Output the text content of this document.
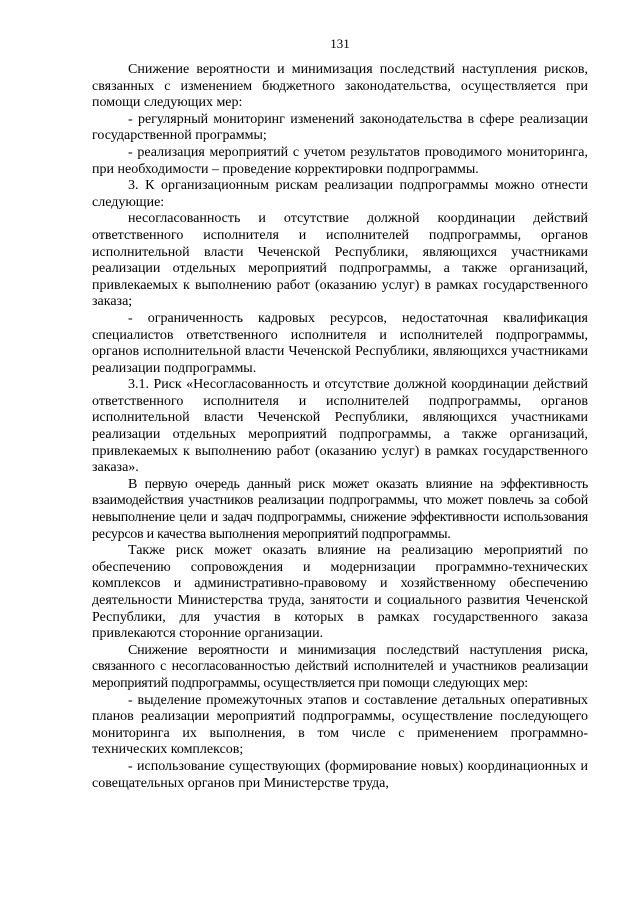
131

Снижение вероятности и минимизация последствий наступления рисков, связанных с изменением бюджетного законодательства, осуществляется при помощи следующих мер:

- регулярный мониторинг изменений законодательства в сфере реализации государственной программы;

- реализация мероприятий с учетом результатов проводимого мониторинга, при необходимости – проведение корректировки подпрограммы.

3. К организационным рискам реализации подпрограммы можно отнести следующие:

несогласованность и отсутствие должной координации действий ответственного исполнителя и исполнителей подпрограммы, органов исполнительной власти Чеченской Республики, являющихся участниками реализации отдельных мероприятий подпрограммы, а также организаций, привлекаемых к выполнению работ (оказанию услуг) в рамках государственного заказа;

- ограниченность кадровых ресурсов, недостаточная квалификация специалистов ответственного исполнителя и исполнителей подпрограммы, органов исполнительной власти Чеченской Республики, являющихся участниками реализации подпрограммы.

3.1. Риск «Несогласованность и отсутствие должной координации действий ответственного исполнителя и исполнителей подпрограммы, органов исполнительной власти Чеченской Республики, являющихся участниками реализации отдельных мероприятий подпрограммы, а также организаций, привлекаемых к выполнению работ (оказанию услуг) в рамках государственного заказа».

В первую очередь данный риск может оказать влияние на эффективность взаимодействия участников реализации подпрограммы, что может повлечь за собой невыполнение цели и задач подпрограммы, снижение эффективности использования ресурсов и качества выполнения мероприятий подпрограммы.

Также риск может оказать влияние на реализацию мероприятий по обеспечению сопровождения и модернизации программно-технических комплексов и административно-правовому и хозяйственному обеспечению деятельности Министерства труда, занятости и социального развития Чеченской Республики, для участия в которых в рамках государственного заказа привлекаются сторонние организации.

Снижение вероятности и минимизация последствий наступления риска, связанного с несогласованностью действий исполнителей и участников реализации мероприятий подпрограммы, осуществляется при помощи следующих мер:

- выделение промежуточных этапов и составление детальных оперативных планов реализации мероприятий подпрограммы, осуществление последующего мониторинга их выполнения, в том числе с применением программно-технических комплексов;

- использование существующих (формирование новых) координационных и совещательных органов при Министерстве труда,
